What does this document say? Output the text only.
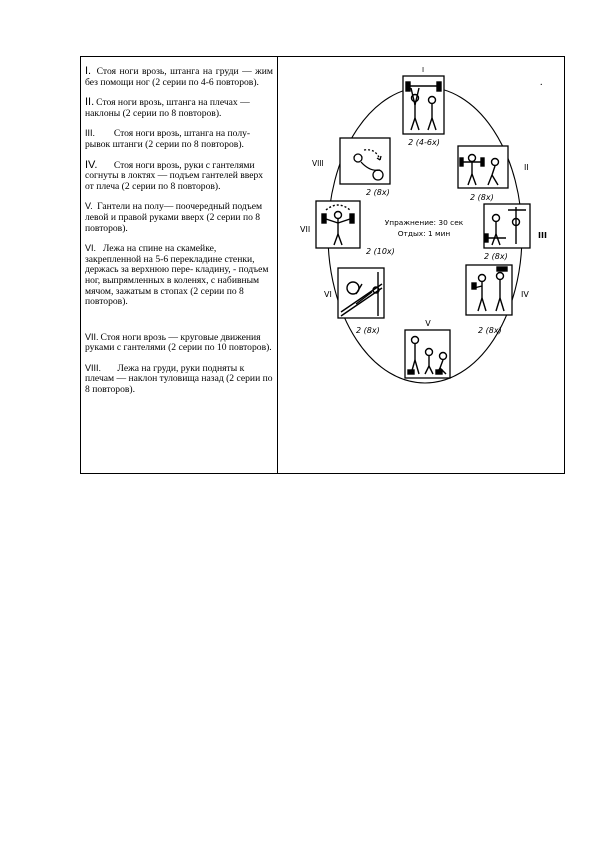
I. Стоя ноги врозь, штанга на груди — жим без помощи ног (2 серии по 4-6 повторов).

II. Стоя ноги врозь, штанга на плечах — наклоны (2 серии по 8 повторов).

III. Стоя ноги врозь, штанга на полу- рывок штанги (2 серии по 8 повторов).

IV. Стоя ноги врозь, руки с гантелями согнуты в локтях — подъем гантелей вверх от плеча (2 серии по 8 повторов).

V. Гантели на полу— поочередный подъем левой и правой руками вверх (2 серии по 8 повторов).

VI. Лежа на спине на скамейке, закрепленной на 5-6 перекладине стенки, держась за верхнюю пере- кладину, - подъем ног, выпрямленных в коленях, с набивным мячом, зажатым в стопах (2 серии по 8 повторов).

VII. Стоя ноги врозь — круговые движения руками с гантелями (2 серии по 10 повторов).

VIII. Лежа на груди, руки подняты к плечам — наклон туловища назад (2 серии по 8 повторов).

.
I
2 (4-6х)
II
2 (8х)
III
2 (8х)
IV
2 (8х)
V
VI
2 (8х)
VII
2 (10х)
VIII
2 (8х)
Упражнение: 30 сек
Отдых: 1 мин
